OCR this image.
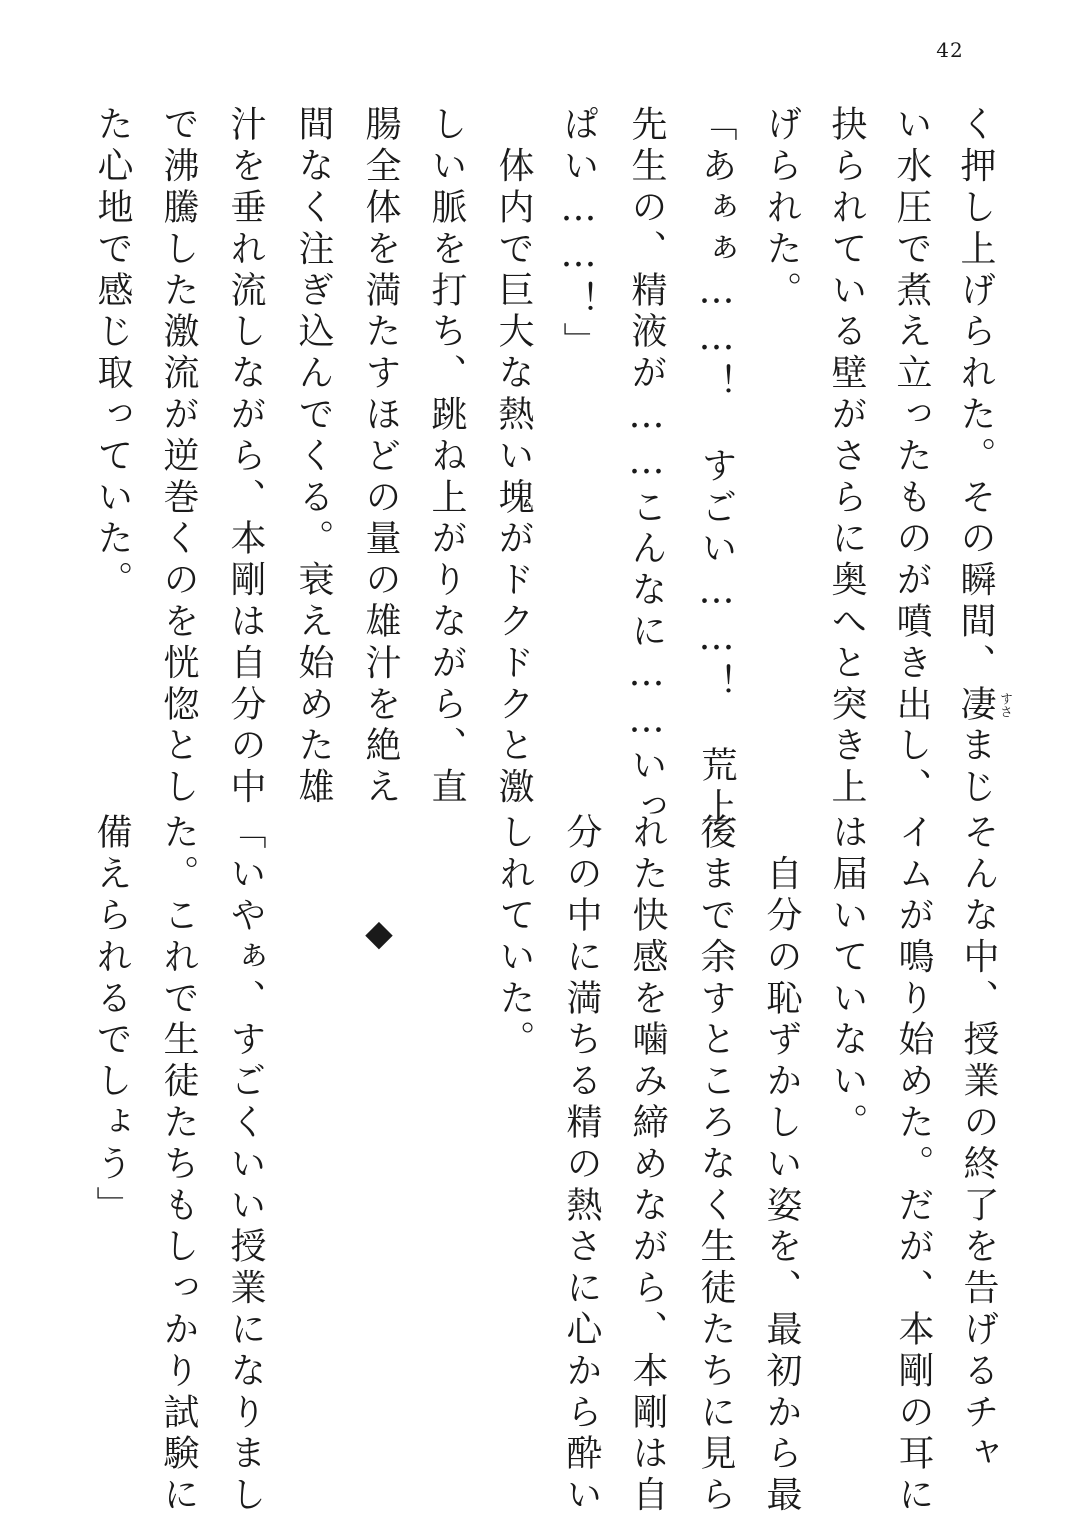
42
く押し上げられた。その瞬間、凄 すさ
まじ
い水圧で煮え立ったものが噴き出し、
抉られている壁がさらに奥へと突き上
げられた。
「あぁぁ……！　すごい……！　荒上
先生の、精液が……こんなに……いっ
ぱい……！」
　体内で巨大な熱い塊がドクドクと激
しい脈を打ち、跳ね上がりながら、直
腸全体を満たすほどの量の雄汁を絶え
間なく注ぎ込んでくる。衰え始めた雄
汁を垂れ流しながら、本剛は自分の中
で沸騰した激流が逆巻くのを恍惚とし
た心地で感じ取っていた。
そんな中、授業の終了を告げるチャ
イムが鳴り始めた。だが、本剛の耳に
は届いていない。
　自分の恥ずかしい姿を、最初から最
後まで余すところなく生徒たちに見ら
れた快感を噛み締めながら、本剛は自
分の中に満ちる精の熱さに心から酔い
しれていた。
◆
「いやぁ、すごくいい授業になりまし
た。これで生徒たちもしっかり試験に
備えられるでしょう」
